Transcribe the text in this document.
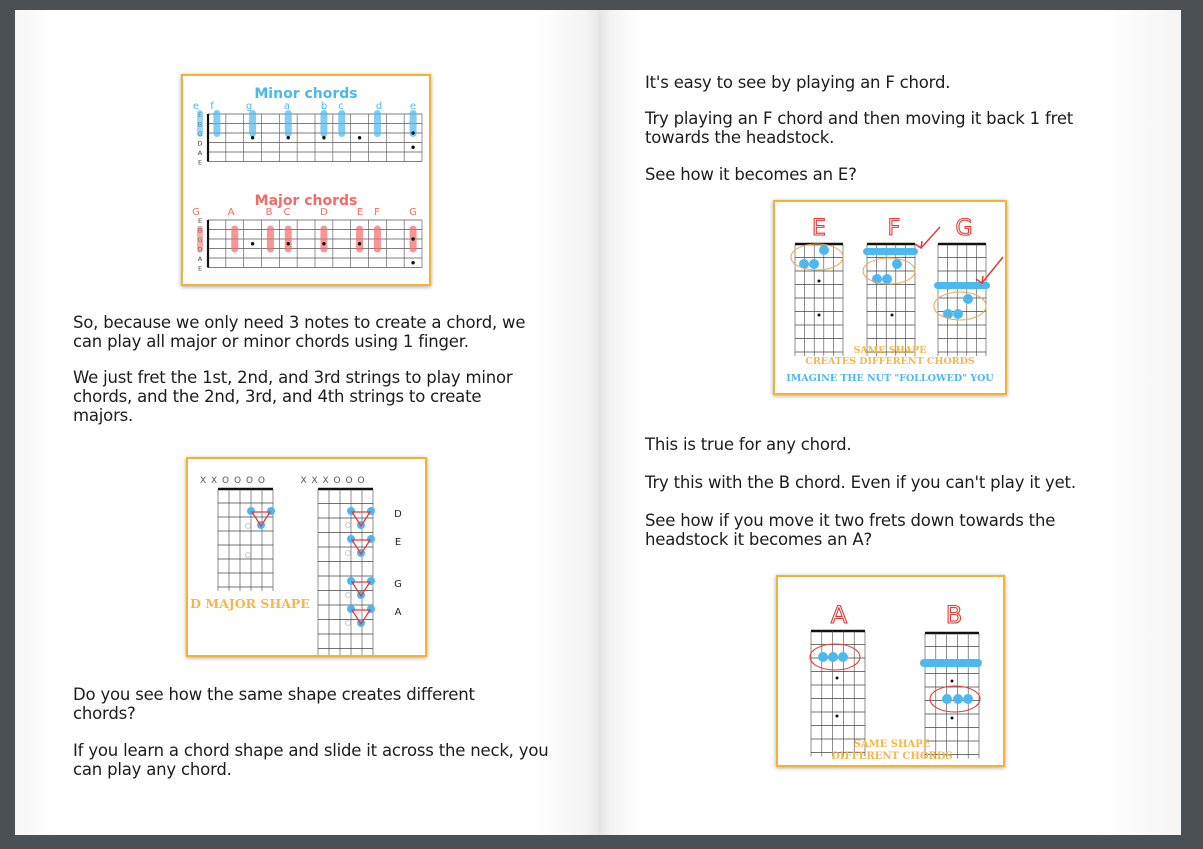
Minor chords
D
A
E
e f	g	a	b c	d	e
Major chords
E
A
E
G	A	B C	D	E F	G

So, because we only need 3 notes to create a chord, we can play all major or minor chords using 1 finger.

We just fret the 1st, 2nd, and 3rd strings to play minor chords, and the 2nd, 3rd, and 4th strings to create majors.

X X O O O O	X X X O O O
D
E
G
A
D MAJOR SHAPE

Do you see how the same shape creates different chords?

If you learn a chord shape and slide it across the neck, you can play any chord.

It's easy to see by playing an F chord.

Try playing an F chord and then moving it back 1 fret towards the headstock.

See how it becomes an E?

E	F	G
SAME SHAPE
CREATES DIFFERENT CHORDS
IMAGINE THE NUT "FOLLOWED" YOU

This is true for any chord.

Try this with the B chord. Even if you can't play it yet.

See how if you move it two frets down towards the headstock it becomes an A?

A	B
SAME SHAPE
DIFFERENT CHORDS
